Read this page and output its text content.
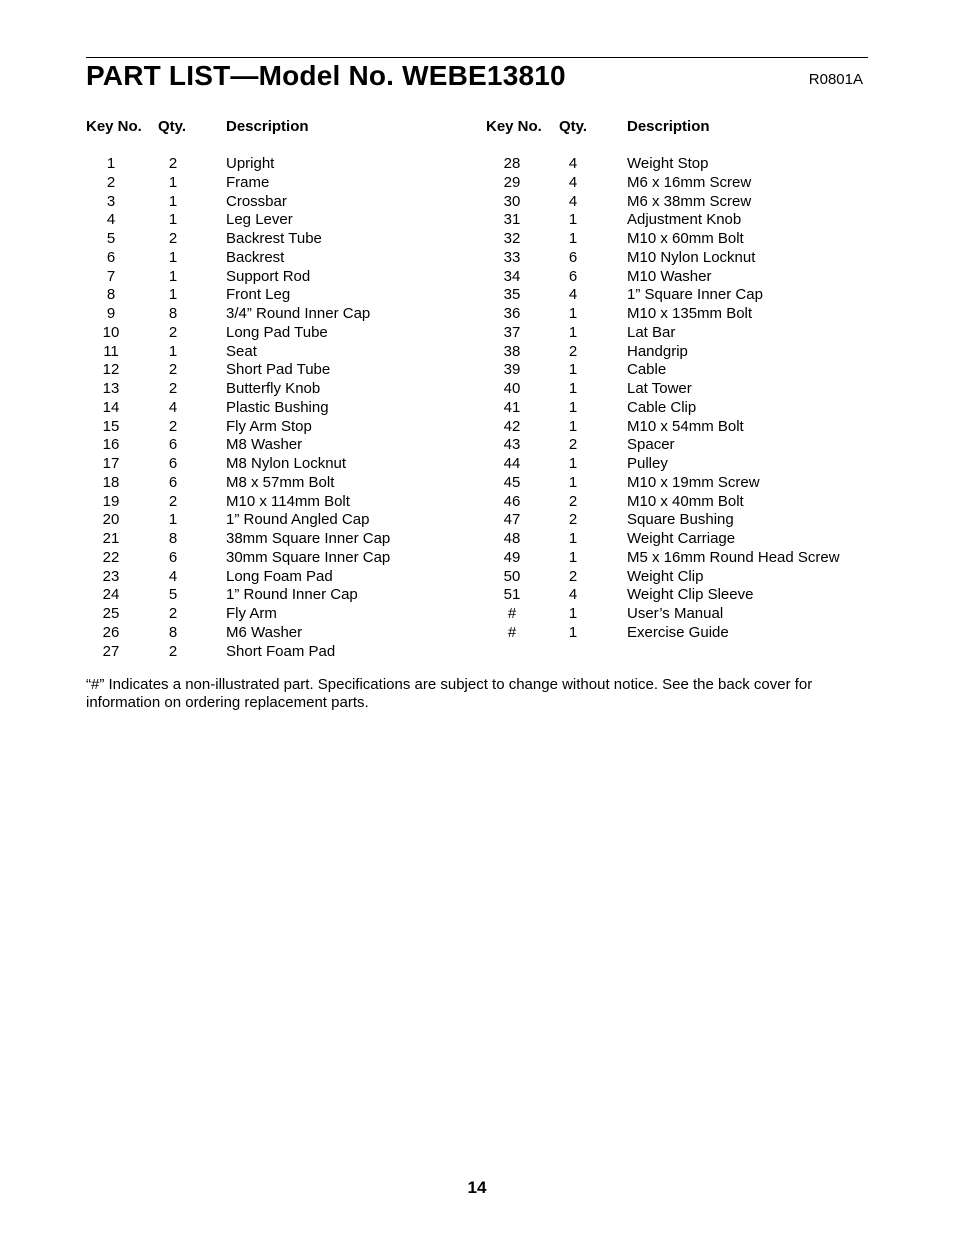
PART LIST—Model No. WEBE13810	R0801A
Key No. Qty.	Description
1	2	Upright
2	1	Frame
3	1	Crossbar
4	1	Leg Lever
5	2	Backrest Tube
6	1	Backrest
7	1	Support Rod
8	1	Front Leg
9	8	3/4” Round Inner Cap
10	2	Long Pad Tube
11	1	Seat
12	2	Short Pad Tube
13	2	Butterfly Knob
14	4	Plastic Bushing
15	2	Fly Arm Stop
16	6	M8 Washer
17	6	M8 Nylon Locknut
18	6	M8 x 57mm Bolt
19	2	M10 x 114mm Bolt
20	1	1” Round Angled Cap
21	8	38mm Square Inner Cap
22	6	30mm Square Inner Cap
23	4	Long Foam Pad
24	5	1” Round Inner Cap
25	2	Fly Arm
26	8	M6 Washer
27	2	Short Foam Pad
Key No. Qty.	Description
28	4	Weight Stop
29	4	M6 x 16mm Screw
30	4	M6 x 38mm Screw
31	1	Adjustment Knob
32	1	M10 x 60mm Bolt
33	6	M10 Nylon Locknut
34	6	M10 Washer
35	4	1” Square Inner Cap
36	1	M10 x 135mm Bolt
37	1	Lat Bar
38	2	Handgrip
39	1	Cable
40	1	Lat Tower
41	1	Cable Clip
42	1	M10 x 54mm Bolt
43	2	Spacer
44	1	Pulley
45	1	M10 x 19mm Screw
46	2	M10 x 40mm Bolt
47	2	Square Bushing
48	1	Weight Carriage
49	1	M5 x 16mm Round Head Screw
50	2	Weight Clip
51	4	Weight Clip Sleeve
#	1	User’s Manual
#	1	Exercise Guide
“#” Indicates a non-illustrated part. Specifications are subject to change without notice. See the back cover for information on ordering replacement parts.
14
